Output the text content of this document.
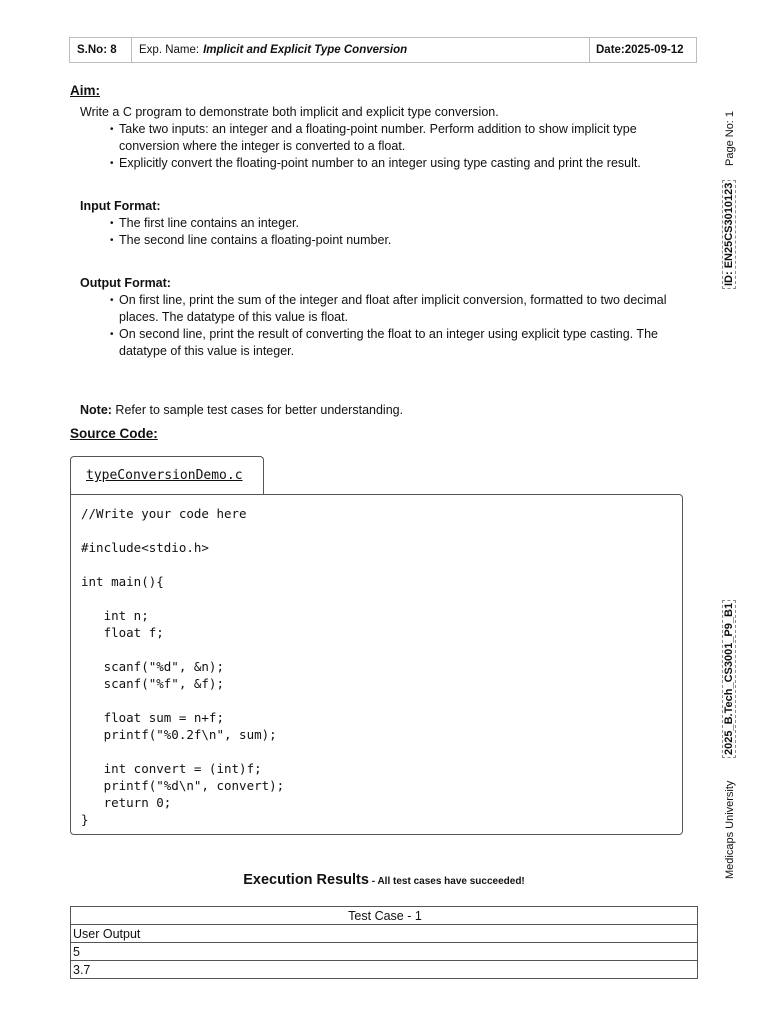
S.No: 8	Exp. Name: Implicit and Explicit Type Conversion	Date:2025-09-12
Aim:
Write a C program to demonstrate both implicit and explicit type conversion.
• Take two inputs: an integer and a floating-point number. Perform addition to show implicit type conversion where the integer is converted to a float.
• Explicitly convert the floating-point number to an integer using type casting and print the result.
Input Format:
• The first line contains an integer.
• The second line contains a floating-point number.
Output Format:
• On first line, print the sum of the integer and float after implicit conversion, formatted to two decimal places. The datatype of this value is float.
• On second line, print the result of converting the float to an integer using explicit type casting. The datatype of this value is integer.
Note: Refer to sample test cases for better understanding.
Source Code:
typeConversionDemo.c
//Write your code here

#include<stdio.h>

int main(){

int n;
float f;

scanf("%d", &n);
scanf("%f", &f);

float sum = n+f;
printf("%0.2f\n", sum);

int convert = (int)f;
printf("%d\n", convert);
return 0;
}
Execution Results - All test cases have succeeded!
Test Case - 1
User Output
5
3.7
Page No: 1
ID: EN25CS3010123
2025_B.Tech_CS3001_P9_B1
Medicaps University
